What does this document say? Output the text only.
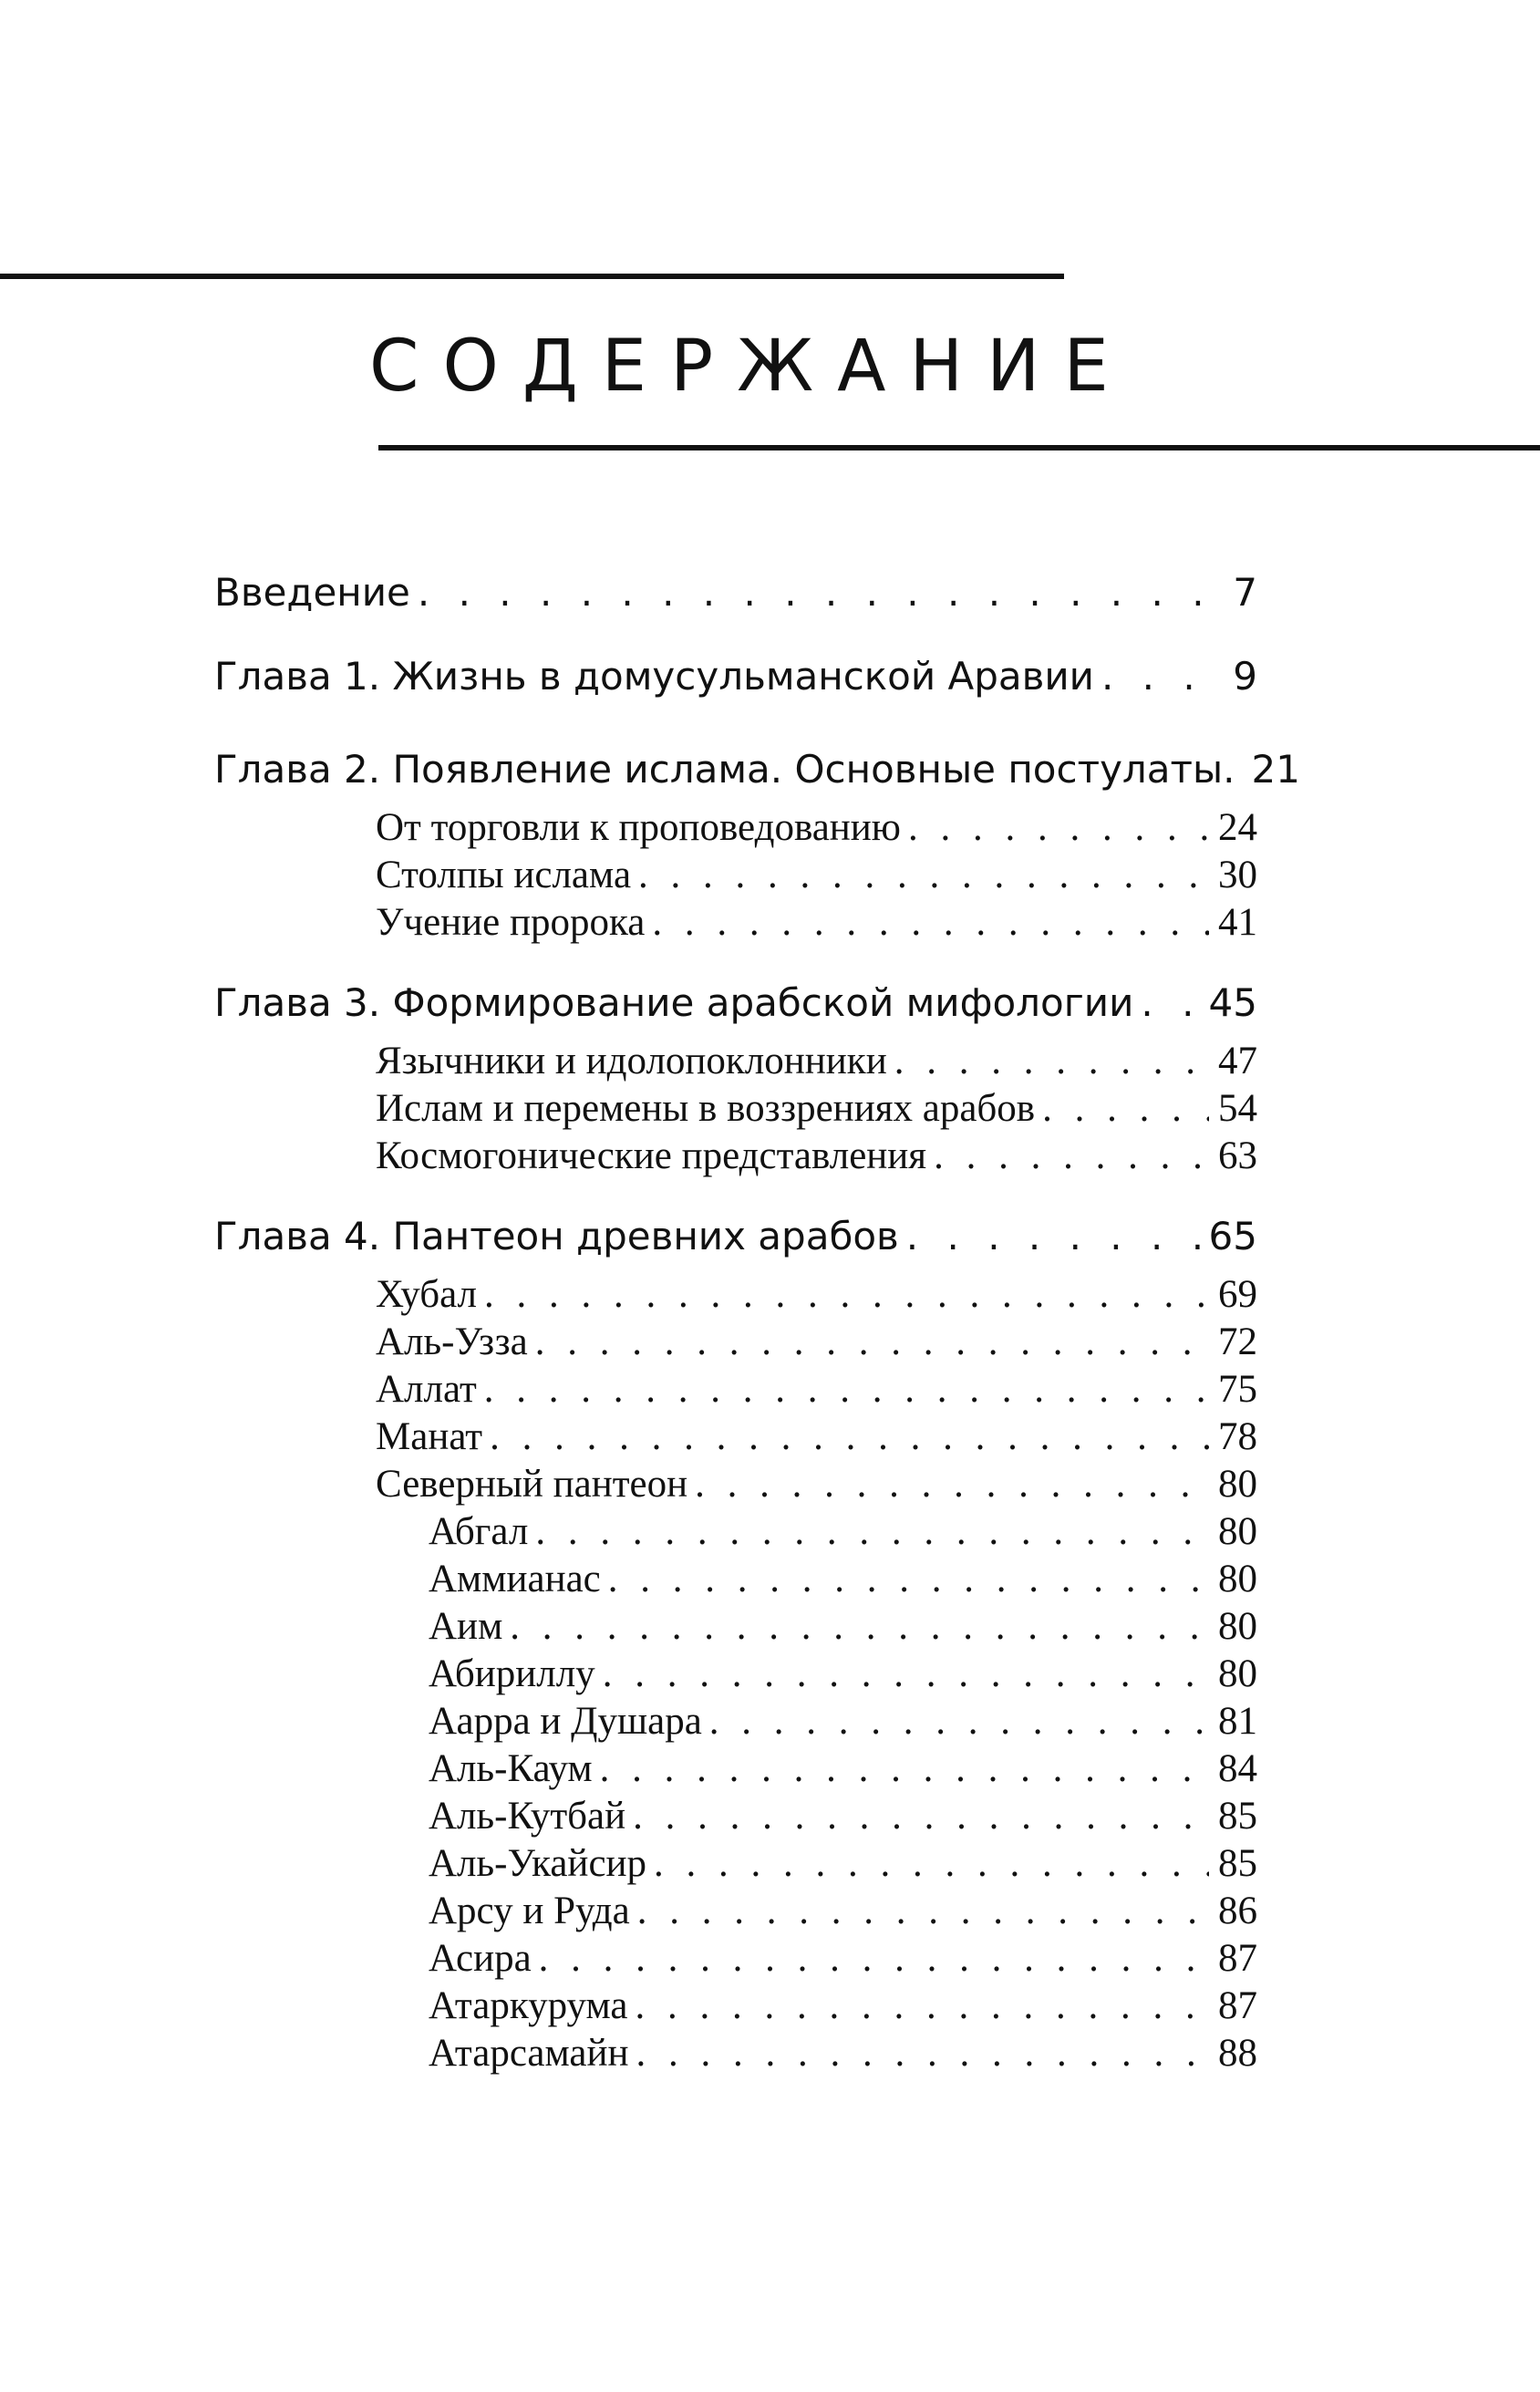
СОДЕРЖАНИЕ
Введение . . .	7
Глава 1. Жизнь в домусульманской Аравии . . .	9
Глава 2. Появление ислама. Основные постулаты. 21
От торговли к проповедованию . . .	24
Столпы ислама . . .	30
Учение пророка . . .	41
Глава 3. Формирование арабской мифологии . . . 45
Язычники и идолопоклонники . . .	47
Ислам и перемены в воззрениях арабов . . .	54
Космогонические представления . . .	63
Глава 4. Пантеон древних арабов . . .	65
Хубал . . .	69
Аль-Узза . . .	72
Аллат . . .	75
Манат . . .	78
Северный пантеон . . .	80
Абгал . . .	80
Аммианас . . .	80
Аим . . .	80
Абириллу . . .	80
Аарра и Душара . . .	81
Аль-Каум . . .	84
Аль-Кутбай . . .	85
Аль-Укайсир . . .	85
Арсу и Руда . . .	86
Асира . . .	87
Атаркурума . . .	87
Атарсамайн . . .	88
